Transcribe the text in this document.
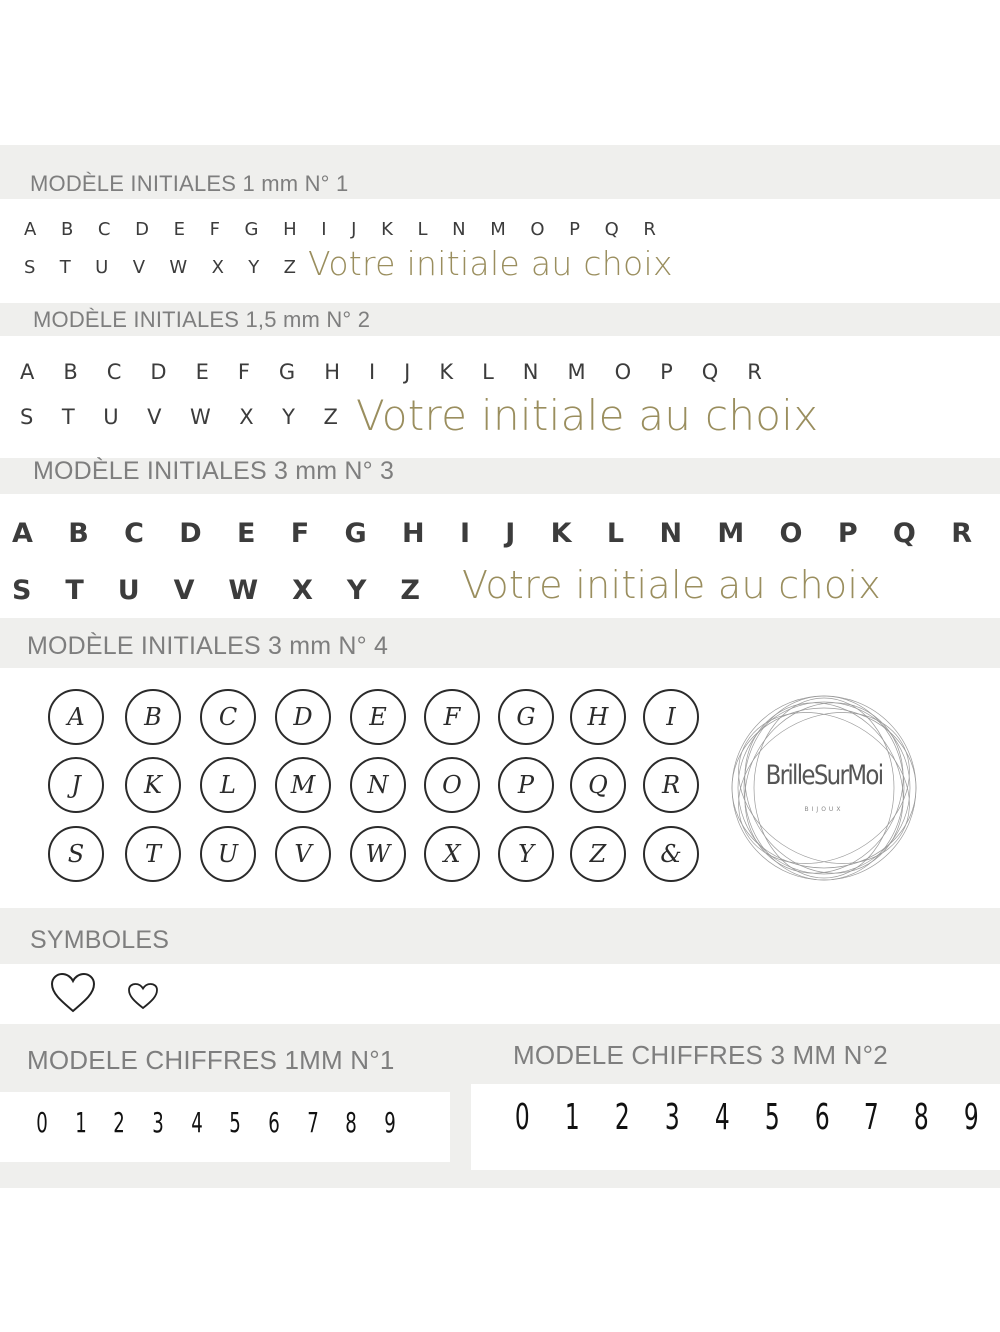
MODÈLE INITIALES 1 mm N° 1
A B C D E F G H I J K L N M O P Q R
S T U V W X Y Z Votre initiale au choix
MODÈLE INITIALES 1,5 mm N° 2
A B C D E F G H I J K L N M O P Q R
S T U V W X Y Z Votre initiale au choix
MODÈLE INITIALES 3 mm N° 3
A B C D E F G H I J K L N M O P Q R
S T U V W X Y Z Votre initiale au choix
MODÈLE INITIALES 3 mm N° 4
A	B	C	D	E	F	G	H	I
J	K	L	M	N	O	P	Q	R
S	T	U	V	W	X	Y	Z	&
BrilleSurMoi
BIJOUX
SYMBOLES
MODELE CHIFFRES 1MM N°1
0 1 2 3 4 5 6 7 8 9
MODELE CHIFFRES 3 MM N°2
0 1 2 3 4 5 6 7 8 9
